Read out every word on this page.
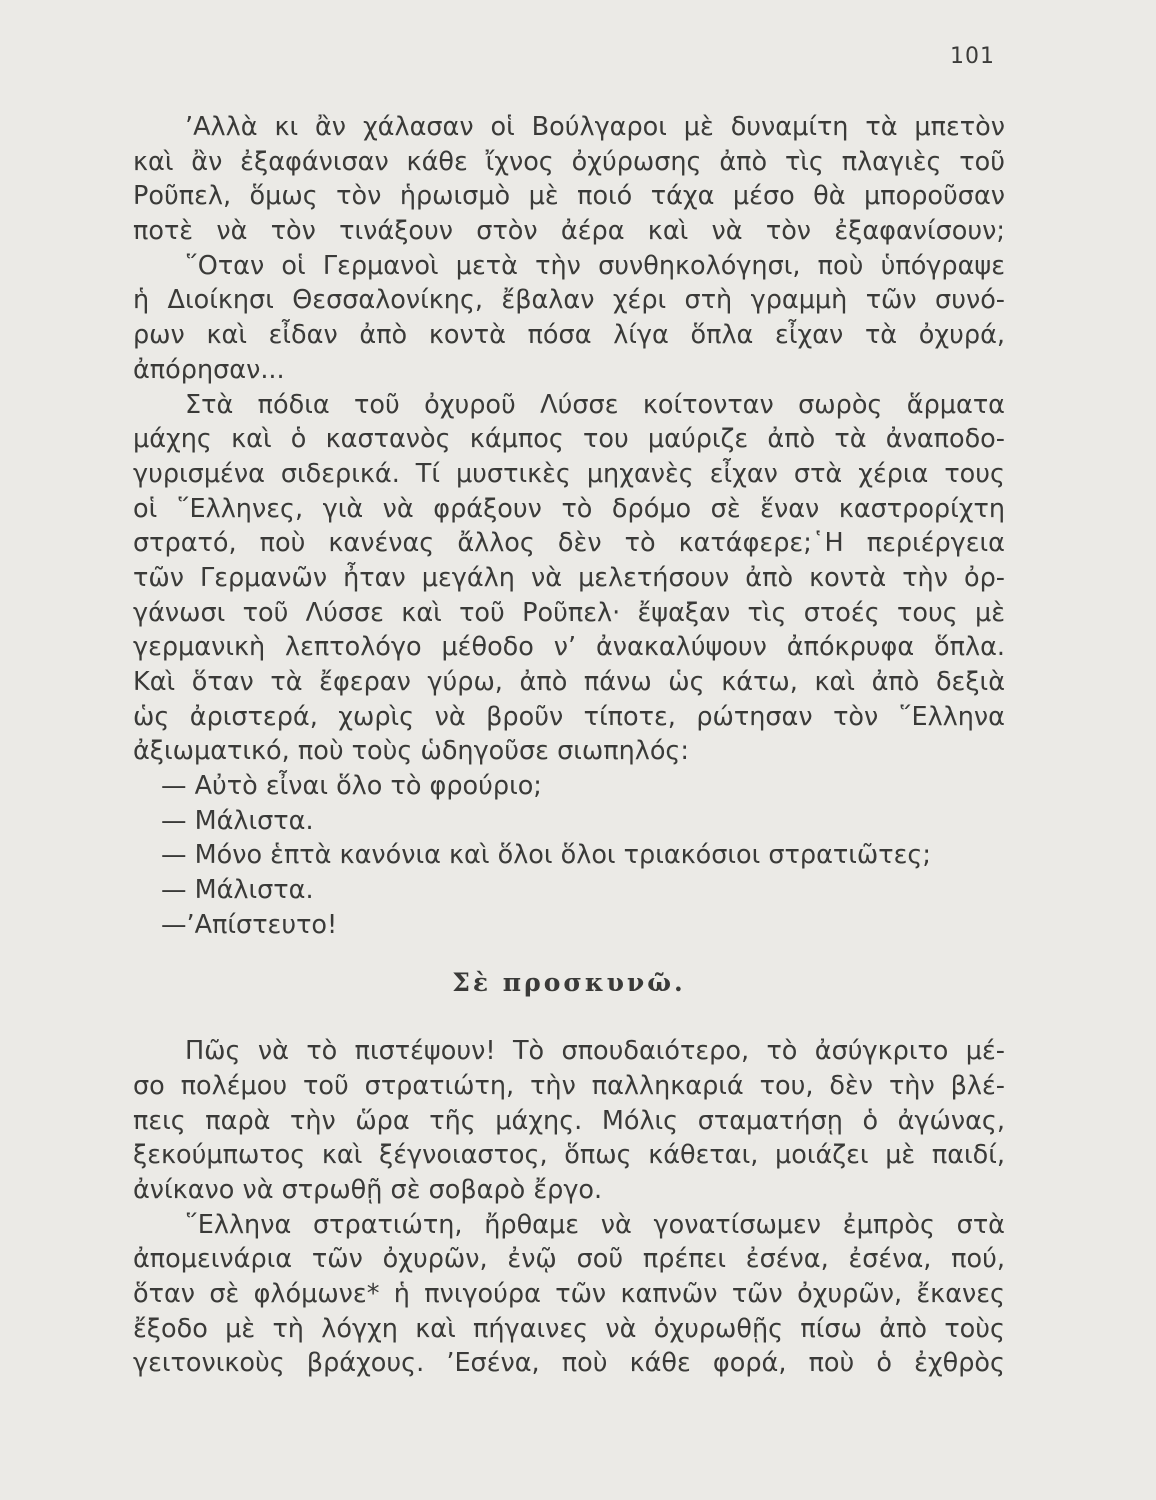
101
’Αλλὰ κι ἂν χάλασαν οἱ Βούλγαροι μὲ δυναμίτη τὰ μπετὸν
καὶ ἂν ἐξαφάνισαν κάθε ἴχνος ὀχύρωσης ἀπὸ τὶς πλαγιὲς τοῦ
Ροῦπελ, ὅμως τὸν ἡρωισμὸ μὲ ποιό τάχα μέσο θὰ μποροῦσαν
ποτὲ νὰ τὸν τινάξουν στὸν ἀέρα καὶ νὰ τὸν ἐξαφανίσουν;
῞Οταν οἱ Γερμανοὶ μετὰ τὴν συνθηκολόγησι, ποὺ ὑπόγραψε
ἡ Διοίκησι Θεσσαλονίκης, ἔβαλαν χέρι στὴ γραμμὴ τῶν συνό-
ρων καὶ εἶδαν ἀπὸ κοντὰ πόσα λίγα ὅπλα εἶχαν τὰ ὀχυρά,
ἀπόρησαν...
Στὰ πόδια τοῦ ὀχυροῦ Λύσσε κοίτονταν σωρὸς ἅρματα
μάχης καὶ ὁ καστανὸς κάμπος του μαύριζε ἀπὸ τὰ ἀναποδο-
γυρισμένα σιδερικά. Τί μυστικὲς μηχανὲς εἶχαν στὰ χέρια τους
οἱ ῞Ελληνες, γιὰ νὰ φράξουν τὸ δρόμο σὲ ἕναν καστρορίχτη
στρατό, ποὺ κανένας ἄλλος δὲν τὸ κατάφερε;῾Η περιέργεια
τῶν Γερμανῶν ἦταν μεγάλη νὰ μελετήσουν ἀπὸ κοντὰ τὴν ὀρ-
γάνωσι τοῦ Λύσσε καὶ τοῦ Ροῦπελ· ἔψαξαν τὶς στοές τους μὲ
γερμανικὴ λεπτολόγο μέθοδο ν’ ἀνακαλύψουν ἀπόκρυφα ὅπλα.
Καὶ ὅταν τὰ ἔφεραν γύρω, ἀπὸ πάνω ὡς κάτω, καὶ ἀπὸ δεξιὰ
ὡς ἀριστερά, χωρὶς νὰ βροῦν τίποτε, ρώτησαν τὸν ῞Ελληνα
ἀξιωματικό, ποὺ τοὺς ὡδηγοῦσε σιωπηλός:
— Αὐτὸ εἶναι ὅλο τὸ φρούριο;
— Μάλιστα.
— Μόνο ἑπτὰ κανόνια καὶ ὅλοι ὅλοι τριακόσιοι στρατιῶτες;
— Μάλιστα.
—’Απίστευτο!
Σὲ προσκυνῶ.
Πῶς νὰ τὸ πιστέψουν! Τὸ σπουδαιότερο, τὸ ἀσύγκριτο μέ-
σο πολέμου τοῦ στρατιώτη, τὴν παλληκαριά του, δὲν τὴν βλέ-
πεις παρὰ τὴν ὥρα τῆς μάχης. Μόλις σταματήσῃ ὁ ἀγώνας,
ξεκούμπωτος καὶ ξέγνοιαστος, ὅπως κάθεται, μοιάζει μὲ παιδί,
ἀνίκανο νὰ στρωθῇ σὲ σοβαρὸ ἔργο.
῞Ελληνα στρατιώτη, ἤρθαμε νὰ γονατίσωμεν ἐμπρὸς στὰ
ἀπομεινάρια τῶν ὀχυρῶν, ἐνῷ σοῦ πρέπει ἐσένα, ἐσένα, πού,
ὅταν σὲ φλόμωνε* ἡ πνιγούρα τῶν καπνῶν τῶν ὀχυρῶν, ἔκανες
ἔξοδο μὲ τὴ λόγχη καὶ πήγαινες νὰ ὀχυρωθῇς πίσω ἀπὸ τοὺς
γειτονικοὺς βράχους. ’Εσένα, ποὺ κάθε φορά, ποὺ ὁ ἐχθρὸς
